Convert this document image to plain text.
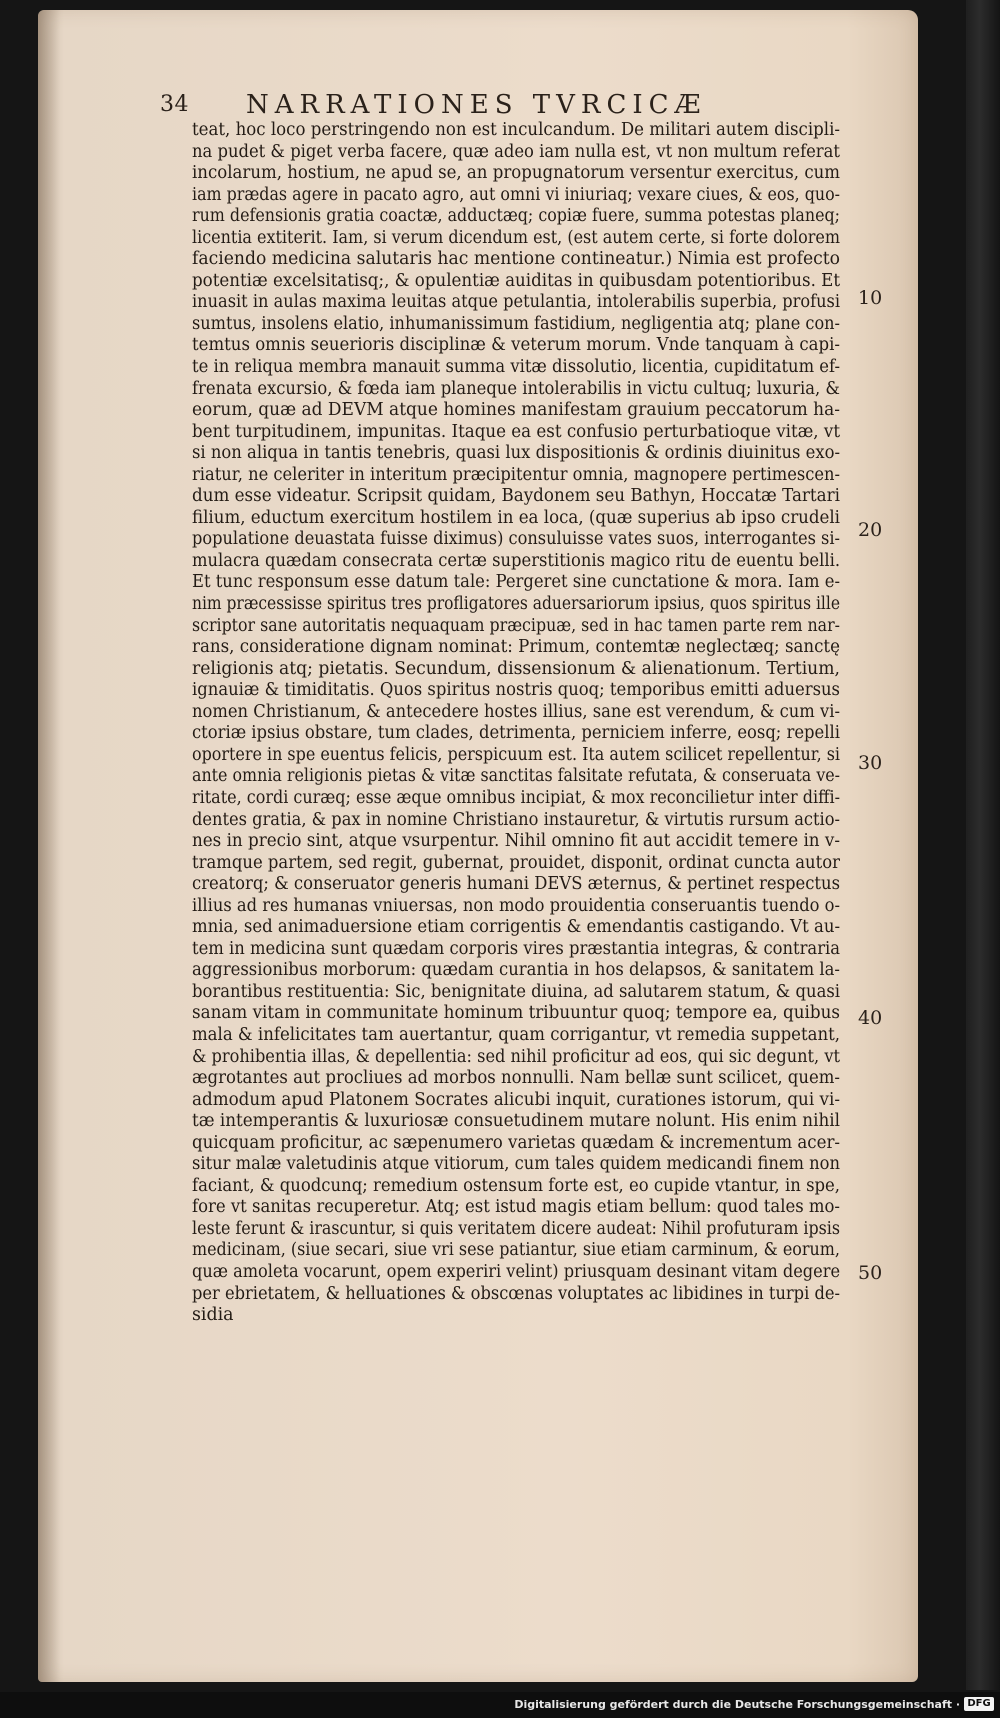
34 NARRATIONES TVRCICÆ
teat, hoc loco perstringendo non est inculcandum. De militari autem discipli-
na pudet & piget verba facere, quæ adeo iam nulla est, vt non multum referat
incolarum, hostium, ne apud se, an propugnatorum versentur exercitus, cum
iam prædas agere in pacato agro, aut omni vi iniuriaq; vexare ciues, & eos, quo-
rum defensionis gratia coactæ, adductæq; copiæ fuere, summa potestas planeq;
licentia extiterit. Iam, si verum dicendum est, (est autem certe, si forte dolorem
faciendo medicina salutaris hac mentione contineatur.) Nimia est profecto
potentiæ excelsitatisq;, & opulentiæ auiditas in quibusdam potentioribus. Et
inuasit in aulas maxima leuitas atque petulantia, intolerabilis superbia, profusi
sumtus, insolens elatio, inhumanissimum fastidium, negligentia atq; plane con-
temtus omnis seuerioris disciplinæ & veterum morum. Vnde tanquam à capi-
te in reliqua membra manauit summa vitæ dissolutio, licentia, cupiditatum ef-
frenata excursio, & fœda iam planeque intolerabilis in victu cultuq; luxuria, &
eorum, quæ ad DEVM atque homines manifestam grauium peccatorum ha-
bent turpitudinem, impunitas. Itaque ea est confusio perturbatioque vitæ, vt
si non aliqua in tantis tenebris, quasi lux dispositionis & ordinis diuinitus exo-
riatur, ne celeriter in interitum præcipitentur omnia, magnopere pertimescen-
dum esse videatur. Scripsit quidam, Baydonem seu Bathyn, Hoccatæ Tartari
filium, eductum exercitum hostilem in ea loca, (quæ superius ab ipso crudeli
populatione deuastata fuisse diximus) consuluisse vates suos, interrogantes si-
mulacra quædam consecrata certæ superstitionis magico ritu de euentu belli.
Et tunc responsum esse datum tale: Pergeret sine cunctatione & mora. Iam e-
nim præcessisse spiritus tres profligatores aduersariorum ipsius, quos spiritus ille
scriptor sane autoritatis nequaquam præcipuæ, sed in hac tamen parte rem nar-
rans, consideratione dignam nominat: Primum, contemtæ neglectæq; sanctę
religionis atq; pietatis. Secundum, dissensionum & alienationum. Tertium,
ignauiæ & timiditatis. Quos spiritus nostris quoq; temporibus emitti aduersus
nomen Christianum, & antecedere hostes illius, sane est verendum, & cum vi-
ctoriæ ipsius obstare, tum clades, detrimenta, perniciem inferre, eosq; repelli
oportere in spe euentus felicis, perspicuum est. Ita autem scilicet repellentur, si
ante omnia religionis pietas & vitæ sanctitas falsitate refutata, & conseruata ve-
ritate, cordi curæq; esse æque omnibus incipiat, & mox reconcilietur inter diffi-
dentes gratia, & pax in nomine Christiano instauretur, & virtutis rursum actio-
nes in precio sint, atque vsurpentur. Nihil omnino fit aut accidit temere in v-
tramque partem, sed regit, gubernat, prouidet, disponit, ordinat cuncta autor
creatorq; & conseruator generis humani DEVS æternus, & pertinet respectus
illius ad res humanas vniuersas, non modo prouidentia conseruantis tuendo o-
mnia, sed animaduersione etiam corrigentis & emendantis castigando. Vt au-
tem in medicina sunt quædam corporis vires præstantia integras, & contraria
aggressionibus morborum: quædam curantia in hos delapsos, & sanitatem la-
borantibus restituentia: Sic, benignitate diuina, ad salutarem statum, & quasi
sanam vitam in communitate hominum tribuuntur quoq; tempore ea, quibus
mala & infelicitates tam auertantur, quam corrigantur, vt remedia suppetant,
& prohibentia illas, & depellentia: sed nihil proficitur ad eos, qui sic degunt, vt
ægrotantes aut procliues ad morbos nonnulli. Nam bellæ sunt scilicet, quem-
admodum apud Platonem Socrates alicubi inquit, curationes istorum, qui vi-
tæ intemperantis & luxuriosæ consuetudinem mutare nolunt. His enim nihil
quicquam proficitur, ac sæpenumero varietas quædam & incrementum acer-
situr malæ valetudinis atque vitiorum, cum tales quidem medicandi finem non
faciant, & quodcunq; remedium ostensum forte est, eo cupide vtantur, in spe,
fore vt sanitas recuperetur. Atq; est istud magis etiam bellum: quod tales mo-
leste ferunt & irascuntur, si quis veritatem dicere audeat: Nihil profuturam ipsis
medicinam, (siue secari, siue vri sese patiantur, siue etiam carminum, & eorum,
quæ amoleta vocarunt, opem experiri velint) priusquam desinant vitam degere
per ebrietatem, & helluationes & obscœnas voluptates ac libidines in turpi de-
sidia
10
20
30
40
50
Digitalisierung gefördert durch die Deutsche Forschungsgemeinschaft · DFG
